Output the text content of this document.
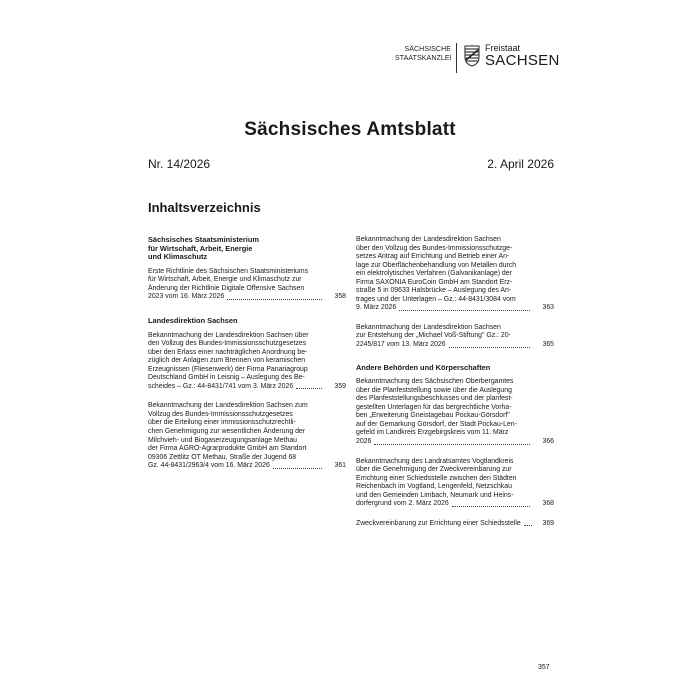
SÄCHSISCHE
STAATSKANZLEI
Freistaat
SACHSEN
Sächsisches Amtsblatt
Nr. 14/2026	2. April 2026
Inhaltsverzeichnis
Sächsisches Staatsministerium
für Wirtschaft, Arbeit, Energie
und Klimaschutz
Erste Richtlinie des Sächsischen Staatsministeriums
für Wirtschaft, Arbeit, Energie und Klimaschutz zur
Änderung der Richtlinie Digitale Offensive Sachsen
2023 vom 16. März 2026	358
Landesdirektion Sachsen
Bekanntmachung der Landesdirektion Sachsen über
den Vollzug des Bundes-Immissionsschutzgesetzes
über den Erlass einer nachträglichen Anordnung be-
züglich der Anlagen zum Brennen von keramischen
Erzeugnissen (Fliesenwerk) der Firma Panariagroup
Deutschland GmbH in Leisnig – Auslegung des Be-
scheides – Gz.: 44-8431/741 vom 3. März 2026	359
Bekanntmachung der Landesdirektion Sachsen zum
Vollzug des Bundes-Immissionsschutzgesetzes
über die Erteilung einer immissionsschutzrechtli-
chen Genehmigung zur wesentlichen Änderung der
Milchvieh- und Biogaserzeugungsanlage Methau
der Firma AGRO-Agrarprodukte GmbH am Standort
09306 Zettlitz OT Methau, Straße der Jugend 68
Gz. 44-8431/2963/4 vom 16. März 2026	361
Bekanntmachung der Landesdirektion Sachsen
über den Vollzug des Bundes-Immissionsschutzge-
setzes Antrag auf Errichtung und Betrieb einer An-
lage zur Oberflächenbehandlung von Metallen durch
ein elektrolytisches Verfahren (Galvanikanlage) der
Firma SAXONIA EuroCoin GmbH am Standort Erz-
straße 5 in 09633 Halsbrücke – Auslegung des An-
trages und der Unterlagen – Gz.: 44-8431/3084 vom
9. März 2026	363
Bekanntmachung der Landesdirektion Sachsen
zur Entstehung der „Michael Voß-Stiftung" Gz.: 20-
2245/817 vom 13. März 2026	365
Andere Behörden und Körperschaften
Bekanntmachung des Sächsischen Oberbergamtes
über die Planfeststellung sowie über die Auslegung
des Planfeststellungsbeschlusses und der planfest-
gestellten Unterlagen für das bergrechtliche Vorha-
ben „Erweiterung Gneistagebau Pockau-Görsdorf"
auf der Gemarkung Görsdorf, der Stadt Pockau-Len-
gefeld im Landkreis Erzgebirgskreis vom 11. März
2026	366
Bekanntmachung des Landratsamtes Vogtlandkreis
über die Genehmigung der Zweckvereinbarung zur
Errichtung einer Schiedsstelle zwischen den Städten
Reichenbach im Vogtland, Lengenfeld, Netzschkau
und den Gemeinden Limbach, Neumark und Heins-
dorfergrund vom 2. März 2026	368
Zweckvereinbarung zur Errichtung einer Schiedsstelle	369
357
